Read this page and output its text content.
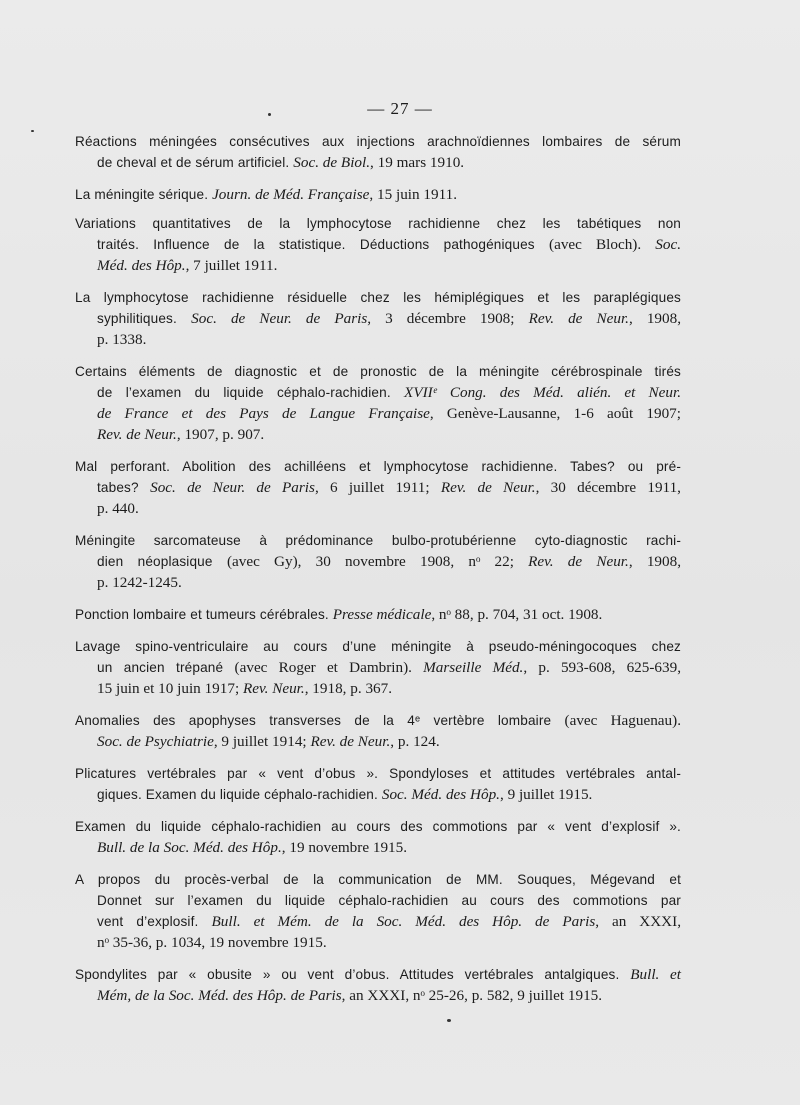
— 27 —
Réactions méningées consécutives aux injections arachnoïdiennes lombaires de sérum
de cheval et de sérum artificiel. Soc. de Biol., 19 mars 1910.
La méningite sérique. Journ. de Méd. Française, 15 juin 1911.
Variations quantitatives de la lymphocytose rachidienne chez les tabétiques non
traités. Influence de la statistique. Déductions pathogéniques (avec Bloch). Soc.
Méd. des Hôp., 7 juillet 1911.
La lymphocytose rachidienne résiduelle chez les hémiplégiques et les paraplégiques
syphilitiques. Soc. de Neur. de Paris, 3 décembre 1908; Rev. de Neur., 1908,
p. 1338.
Certains éléments de diagnostic et de pronostic de la méningite cérébrospinale tirés
de l’examen du liquide céphalo-rachidien. XVIIᵉ Cong. des Méd. alién. et Neur.
de France et des Pays de Langue Française, Genève-Lausanne, 1-6 août 1907;
Rev. de Neur., 1907, p. 907.
Mal perforant. Abolition des achilléens et lymphocytose rachidienne. Tabes? ou pré-
tabes? Soc. de Neur. de Paris, 6 juillet 1911; Rev. de Neur., 30 décembre 1911,
p. 440.
Méningite sarcomateuse à prédominance bulbo-protubérienne cyto-diagnostic rachi-
dien néoplasique (avec Gy), 30 novembre 1908, nᵒ 22; Rev. de Neur., 1908,
p. 1242-1245.
Ponction lombaire et tumeurs cérébrales. Presse médicale, nᵒ 88, p. 704, 31 oct. 1908.
Lavage spino-ventriculaire au cours d’une méningite à pseudo-méningocoques chez
un ancien trépané (avec Roger et Dambrin). Marseille Méd., p. 593-608, 625-639,
15 juin et 10 juin 1917; Rev. Neur., 1918, p. 367.
Anomalies des apophyses transverses de la 4ᵉ vertèbre lombaire (avec Haguenau).
Soc. de Psychiatrie, 9 juillet 1914; Rev. de Neur., p. 124.
Plicatures vertébrales par « vent d’obus ». Spondyloses et attitudes vertébrales antal-
giques. Examen du liquide céphalo-rachidien. Soc. Méd. des Hôp., 9 juillet 1915.
Examen du liquide céphalo-rachidien au cours des commotions par « vent d’explosif ».
Bull. de la Soc. Méd. des Hôp., 19 novembre 1915.
A propos du procès-verbal de la communication de MM. Souques, Mégevand et
Donnet sur l’examen du liquide céphalo-rachidien au cours des commotions par
vent d’explosif. Bull. et Mém. de la Soc. Méd. des Hôp. de Paris, an XXXI,
nᵒ 35-36, p. 1034, 19 novembre 1915.
Spondylites par « obusite » ou vent d’obus. Attitudes vertébrales antalgiques. Bull. et
Mém, de la Soc. Méd. des Hôp. de Paris, an XXXI, nᵒ 25-26, p. 582, 9 juillet 1915.
